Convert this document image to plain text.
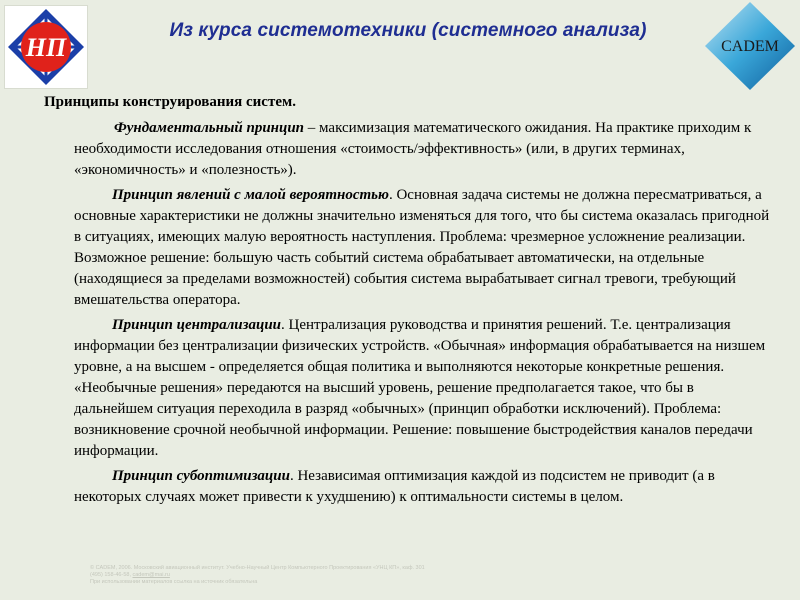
НП
Из курса системотехники (системного анализа)
CADEM
Принципы конструирования систем.

Фундаментальный принцип – максимизация математического ожидания. На практике приходим к необходимости исследования отношения «стоимость/эффективность» (или, в других терминах, «экономичность» и «полезность»).

Принцип явлений с малой вероятностью. Основная задача системы не должна пересматриваться, а основные характеристики не должны значительно изменяться для того, что бы система оказалась пригодной в ситуациях, имеющих малую вероятность наступления. Проблема: чрезмерное усложнение реализации. Возможное решение: большую часть событий система обрабатывает автоматически, на отдельные (находящиеся за пределами возможностей) события система вырабатывает сигнал тревоги, требующий вмешательства оператора.

Принцип централизации. Централизация руководства и принятия решений. Т.е. централизация информации без централизации физических устройств. «Обычная» информация обрабатывается на низшем уровне, а на высшем - определяется общая политика и выполняются некоторые конкретные решения. «Необычные решения» передаются на высший уровень, решение предполагается такое, что бы в дальнейшем ситуация переходила в разряд «обычных» (принцип обработки исключений). Проблема: возникновение срочной необычной информации. Решение: повышение быстродействия каналов передачи информации.

Принцип субоптимизации. Независимая оптимизация каждой из подсистем не приводит (а в некоторых случаях может привести к ухудшению) к оптимальности системы в целом.

© CADEM, 2006. Московский авиационный институт. Учебно-Научный Центр Компьютерного Проектирования «УНЦ КП», каф. 301
(495) 158-46-58, cadem@mai.ru
При использовании материалов ссылка на источник обязательна
